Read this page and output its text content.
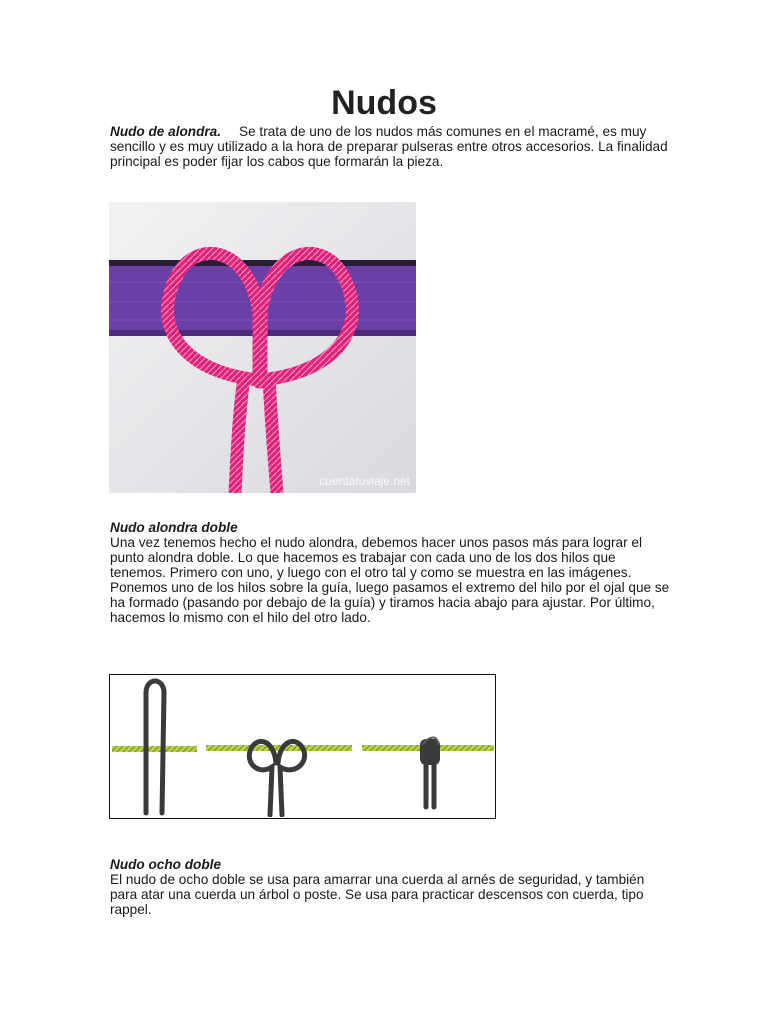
Nudos
Nudo de alondra. Se trata de uno de los nudos más comunes en el macramé, es muy sencillo y es muy utilizado a la hora de preparar pulseras entre otros accesorios. La finalidad principal es poder fijar los cabos que formarán la pieza.
cuentatuviaje.net
Nudo alondra doble
Una vez tenemos hecho el nudo alondra, debemos hacer unos pasos más para lograr el punto alondra doble. Lo que hacemos es trabajar con cada uno de los dos hilos que tenemos. Primero con uno, y luego con el otro tal y como se muestra en las imágenes. Ponemos uno de los hilos sobre la guía, luego pasamos el extremo del hilo por el ojal que se ha formado (pasando por debajo de la guía) y tiramos hacia abajo para ajustar. Por último, hacemos lo mismo con el hilo del otro lado.
Nudo ocho doble
El nudo de ocho doble se usa para amarrar una cuerda al arnés de seguridad, y también para atar una cuerda un árbol o poste. Se usa para practicar descensos con cuerda, tipo rappel.
